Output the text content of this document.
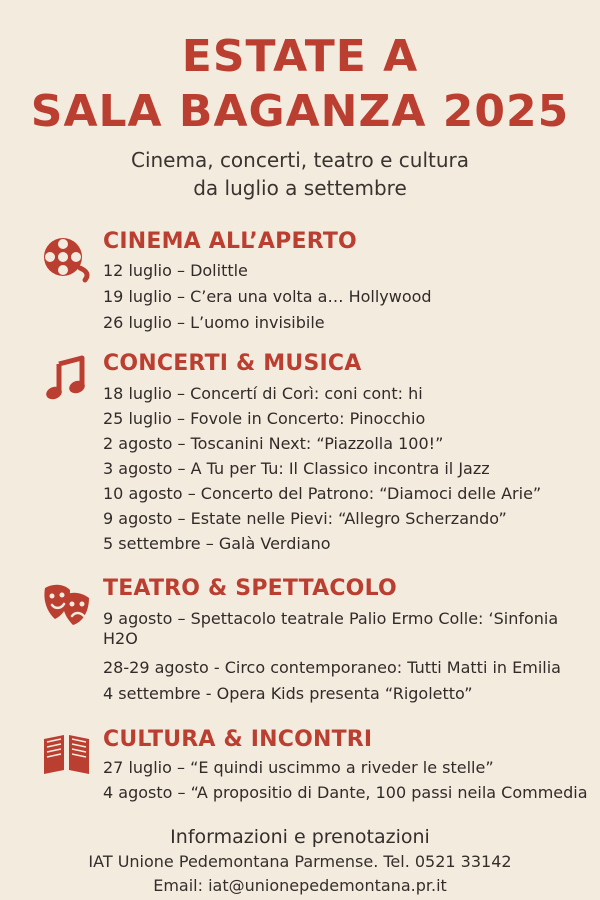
ESTATE A
SALA BAGANZA 2025
Cinema, concerti, teatro e cultura
da luglio a settembre
CINEMA ALL’APERTO
12 luglio – Dolittle
19 luglio – C’era una volta a… Hollywood
26 luglio – L’uomo invisibile
CONCERTI & MUSICA
18 luglio – Concertí di Corì: coni cont: hi
25 luglio – Fovole in Concerto: Pinocchio
2 agosto – Toscanini Next: “Piazzolla 100!”
3 agosto – A Tu per Tu: Il Classico incontra il Jazz
10 agosto – Concerto del Patrono: “Diamoci delle Arie”
9 agosto – Estate nelle Pievi: “Allegro Scherzando”
5 settembre – Galà Verdiano
TEATRO & SPETTACOLO
9 agosto – Spettacolo teatrale Palio Ermo Colle: ‘Sinfonia H2O
28-29 agosto - Circo contemporaneo: Tutti Matti in Emilia
4 settembre - Opera Kids presenta “Rigoletto”
CULTURA & INCONTRI
27 luglio – “E quindi uscimmo a riveder le stelle”
4 agosto – “A propositio di Dante, 100 passi neila Commedia
Informazioni e prenotazioni
IAT Unione Pedemontana Parmense. Tel. 0521 33142
Email: iat@unionepedemontana.pr.it
